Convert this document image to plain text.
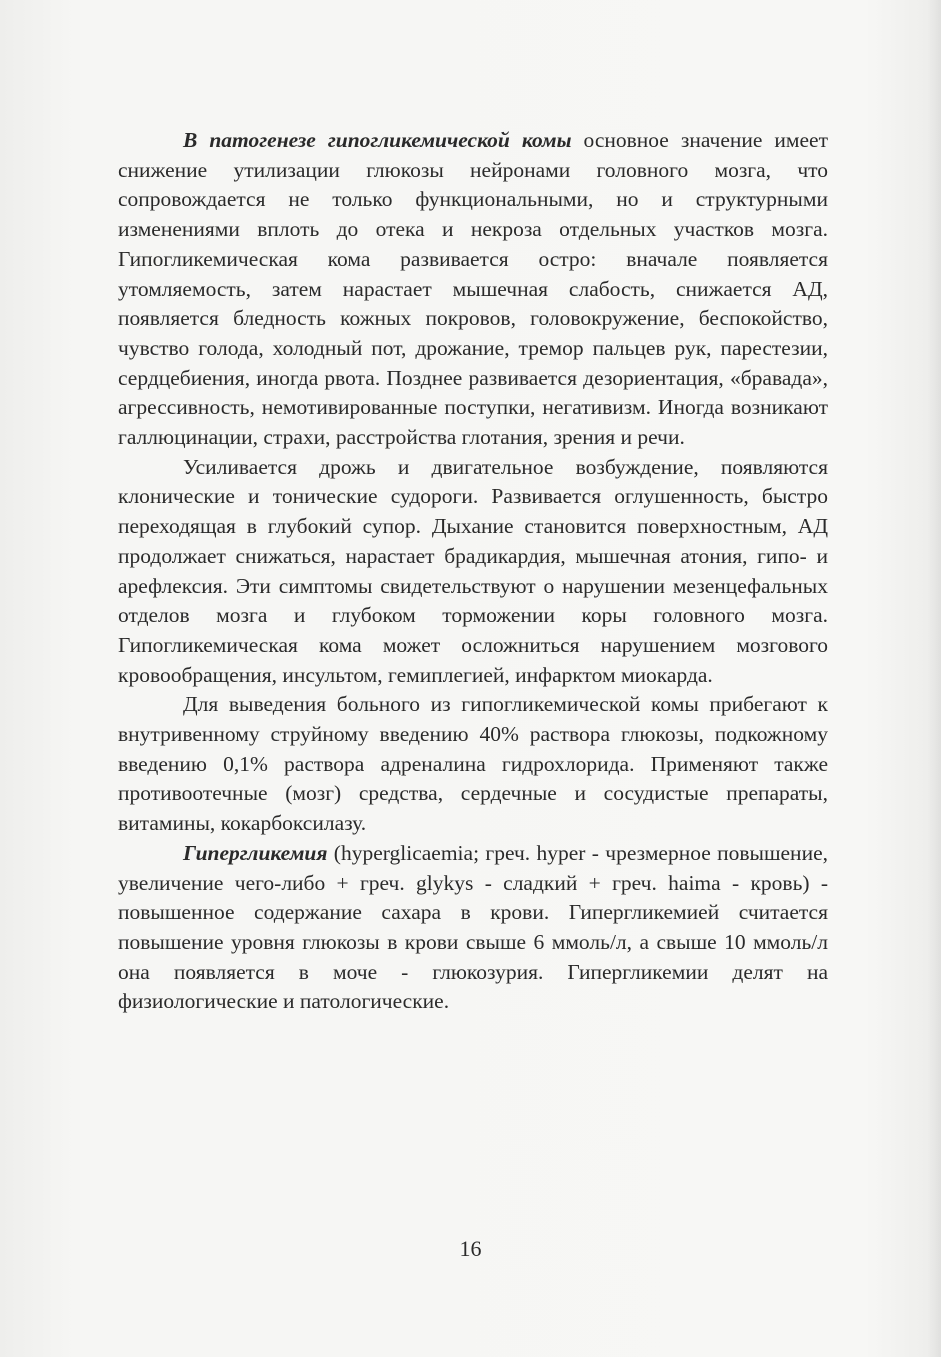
В патогенезе гипогликемической комы основное значение имеет снижение утилизации глюкозы нейронами головного мозга, что сопровождается не только функциональными, но и структурными изменениями вплоть до отека и некроза отдельных участков мозга. Гипогликемическая кома развивается остро: вначале появляется утомляемость, затем нарастает мышечная слабость, снижается АД, появляется бледность кожных покровов, головокружение, беспокойство, чувство голода, холодный пот, дрожание, тремор пальцев рук, парестезии, сердцебиения, иногда рвота. Позднее развивается дезориентация, «бравада», агрессивность, немотивированные поступки, негативизм. Иногда возникают галлюцинации, страхи, расстройства глотания, зрения и речи.

Усиливается дрожь и двигательное возбуждение, появляются клонические и тонические судороги. Развивается оглушенность, быстро переходящая в глубокий супор. Дыхание становится поверхностным, АД продолжает снижаться, нарастает брадикардия, мышечная атония, гипо- и арефлексия. Эти симптомы свидетельствуют о нарушении мезенцефальных отделов мозга и глубоком торможении коры головного мозга. Гипогликемическая кома может осложниться нарушением мозгового кровообращения, инсультом, гемиплегией, инфарктом миокарда.

Для выведения больного из гипогликемической комы прибегают к внутривенному струйному введению 40% раствора глюкозы, подкожному введению 0,1% раствора адреналина гидрохлорида. Применяют также противоотечные (мозг) средства, сердечные и сосудистые препараты, витамины, кокарбоксилазу.

Гипергликемия (hyperglicaemia; греч. hyper - чрезмерное повышение, увеличение чего-либо + греч. glykys - сладкий + греч. haima - кровь) - повышенное содержание сахара в крови. Гипергликемией считается повышение уровня глюкозы в крови свыше 6 ммоль/л, а свыше 10 ммоль/л она появляется в моче - глюкозурия. Гипергликемии делят на физиологические и патологические.

16
